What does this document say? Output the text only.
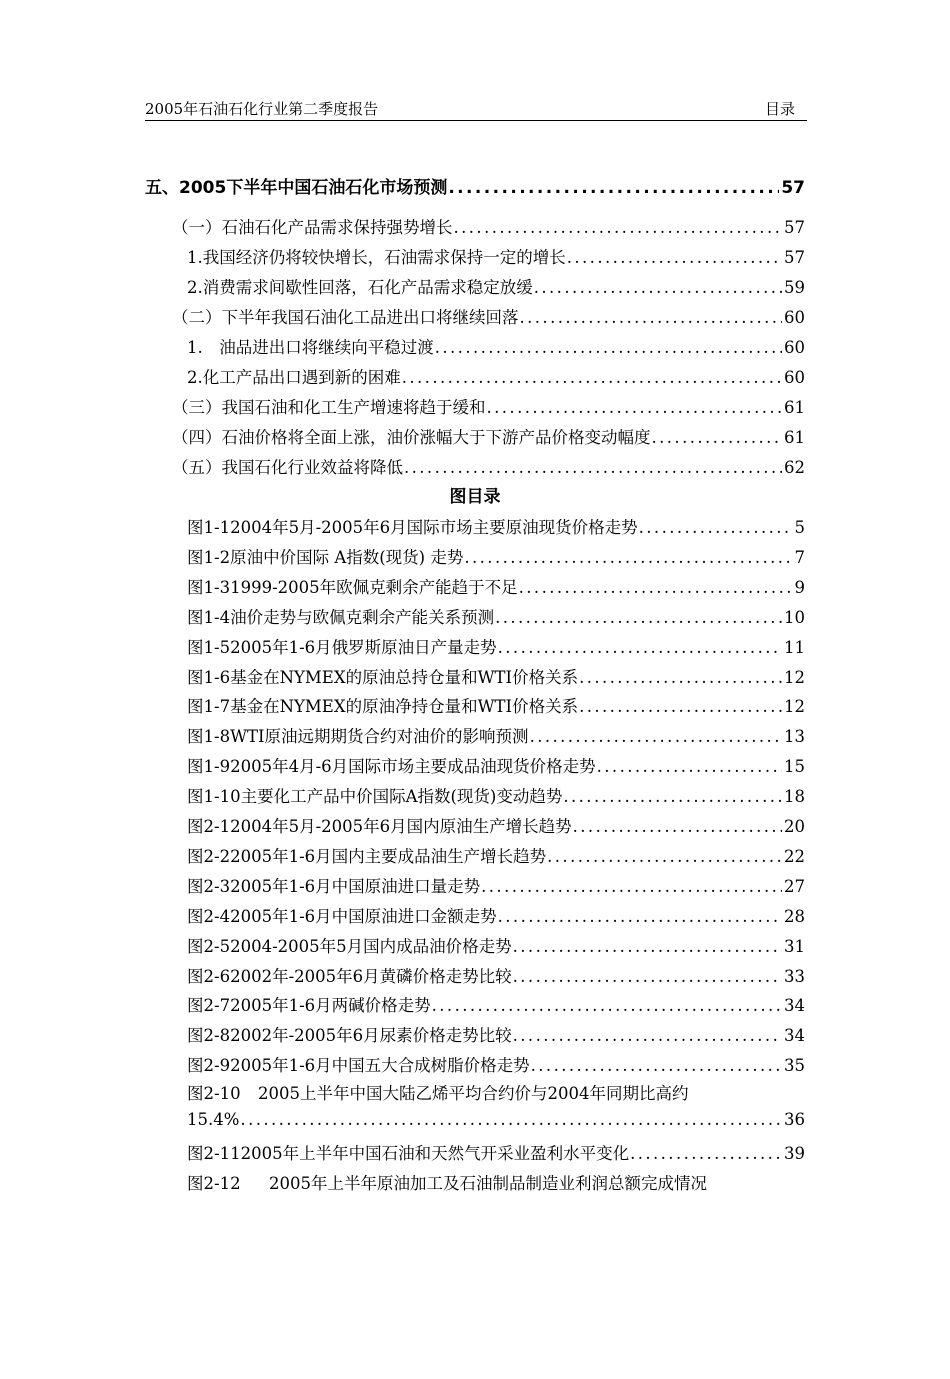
2005年石油石化行业第二季度报告	目录
五、2005下半年中国石油石化市场预测 .....	57
（一）石油石化产品需求保持强势增长 .....	57
1.我国经济仍将较快增长，石油需求保持一定的增长 .....	57
2.消费需求间歇性回落，石化产品需求稳定放缓 .....	59
（二）下半年我国石油化工品进出口将继续回落 .....	60
1.　油品进出口将继续向平稳过渡 .....	60
2.化工产品出口遇到新的困难 .....	60
（三）我国石油和化工生产增速将趋于缓和 .....	61
（四）石油价格将全面上涨，油价涨幅大于下游产品价格变动幅度 .....	61
（五）我国石化行业效益将降低 .....	62
图目录
图1-1 2004年5月-2005年6月国际市场主要原油现货价格走势 .....	5
图1-2 原油中价国际 A指数(现货) 走势 .....	7
图1-3 1999-2005年欧佩克剩余产能趋于不足 .....	9
图1-4 油价走势与欧佩克剩余产能关系预测 .....	10
图1-5 2005年1-6月俄罗斯原油日产量走势 .....	11
图1-6 基金在NYMEX的原油总持仓量和WTI价格关系 .....	12
图1-7 基金在NYMEX的原油净持仓量和WTI价格关系 .....	12
图1-8 WTI原油远期期货合约对油价的影响预测 .....	13
图1-9 2005年4月-6月国际市场主要成品油现货价格走势 .....	15
图1-10 主要化工产品中价国际A指数(现货)变动趋势 .....	18
图2-1 2004年5月-2005年6月国内原油生产增长趋势 .....	20
图2-2 2005年1-6月国内主要成品油生产增长趋势 .....	22
图2-3 2005年1-6月中国原油进口量走势 .....	27
图2-4 2005年1-6月中国原油进口金额走势 .....	28
图2-5 2004-2005年5月国内成品油价格走势 .....	31
图2-6 2002年-2005年6月黄磷价格走势比较 .....	33
图2-7 2005年1-6月两碱价格走势 .....	34
图2-8 2002年-2005年6月尿素价格走势比较 .....	34
图2-9 2005年1-6月中国五大合成树脂价格走势 .....	35
图2-10	2005上半年中国大陆乙烯平均合约价与2004年同期比高约
15.4% .....	36
图2-11 2005年上半年中国石油和天然气开采业盈利水平变化 .....	39
图2-12	2005年上半年原油加工及石油制品制造业利润总额完成情况
